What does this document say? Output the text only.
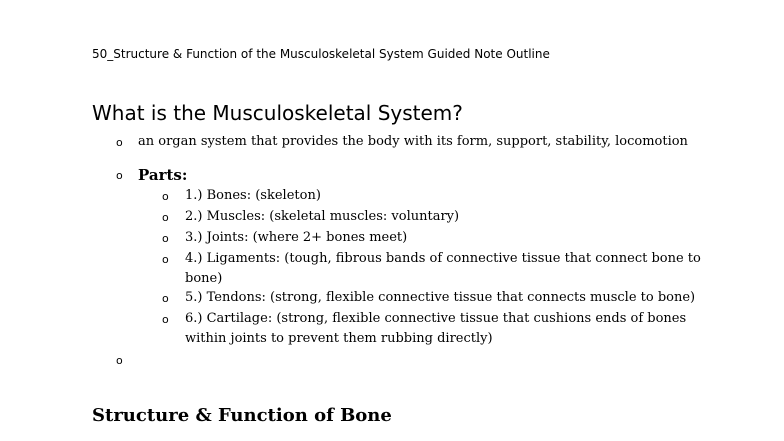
50_Structure & Function of the Musculoskeletal System Guided Note Outline
What is the Musculoskeletal System?
o an organ system that provides the body with its form, support, stability, locomotion
o Parts:
o 1.) Bones: (skeleton)
o 2.) Muscles: (skeletal muscles: voluntary)
o 3.) Joints: (where 2+ bones meet)
o 4.) Ligaments: (tough, fibrous bands of connective tissue that connect bone to
bone)
o 5.) Tendons: (strong, flexible connective tissue that connects muscle to bone)
o 6.) Cartilage: (strong, flexible connective tissue that cushions ends of bones
within joints to prevent them rubbing directly)
o
Structure & Function of Bone
